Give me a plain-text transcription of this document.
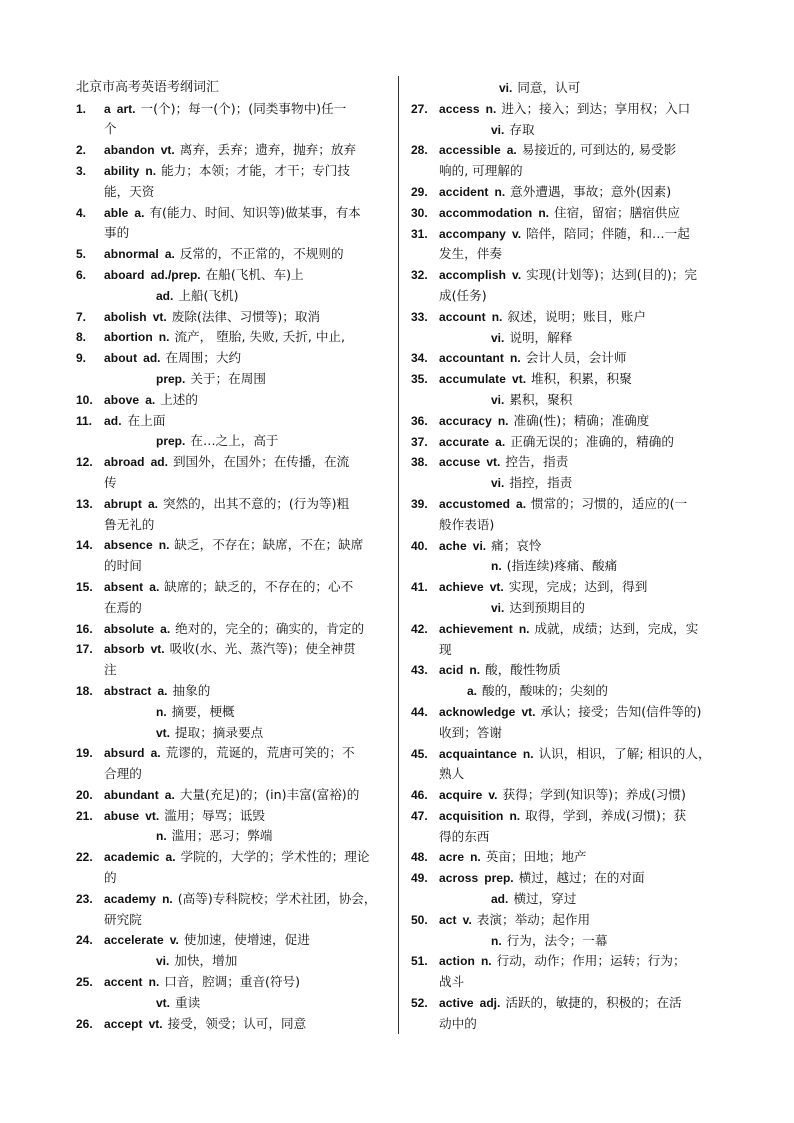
北京市高考英语考纲词汇
1.	a art. 一(个)；每一(个)；(同类事物中)任一
个
2.	abandon vt. 离弃，丢弃；遗弃，抛弃；放弃
3.	ability n. 能力；本领；才能，才干；专门技
能，天资
4.	able a. 有(能力、时间、知识等)做某事，有本
事的
5.	abnormal a. 反常的，不正常的，不规则的
6.	aboard ad./prep. 在船(飞机、车)上
ad. 上船(飞机)
7.	abolish vt. 废除(法律、习惯等)；取消
8.	abortion n. 流产， 堕胎, 失败, 夭折, 中止,
9.	about ad. 在周围；大约
prep. 关于；在周围
10. above a. 上述的
11. ad. 在上面
prep. 在…之上，高于
12. abroad ad. 到国外，在国外；在传播，在流
传
13. abrupt a. 突然的，出其不意的；(行为等)粗
鲁无礼的
14. absence n. 缺乏，不存在；缺席，不在；缺席
的时间
15. absent a. 缺席的；缺乏的，不存在的；心不
在焉的
16. absolute a. 绝对的，完全的；确实的，肯定的
17. absorb vt. 吸收(水、光、蒸汽等)；使全神贯
注
18. abstract a. 抽象的
n. 摘要，梗概
vt. 提取；摘录要点
19. absurd a. 荒谬的，荒诞的，荒唐可笑的；不
合理的
20. abundant a. 大量(充足)的；(in)丰富(富裕)的
21. abuse vt. 滥用；辱骂；诋毁
n. 滥用；恶习；弊端
22. academic a. 学院的，大学的；学术性的；理论
的
23. academy n. (高等)专科院校；学术社团，协会，
研究院
24. accelerate v. 使加速，使增速，促进
vi. 加快，增加
25. accent n. 口音，腔调；重音(符号)
vt. 重读
26. accept vt. 接受，领受；认可，同意
vi. 同意，认可
27. access n. 进入；接入；到达；享用权；入口
vi. 存取
28. accessible a. 易接近的, 可到达的, 易受影
响的, 可理解的
29. accident n. 意外遭遇，事故；意外(因素)
30. accommodation n. 住宿，留宿；膳宿供应
31. accompany v. 陪伴，陪同；伴随，和…一起
发生，伴奏
32. accomplish v. 实现(计划等)；达到(目的)；完
成(任务)
33. account n. 叙述，说明；账目，账户
vi. 说明，解释
34. accountant n. 会计人员，会计师
35. accumulate vt. 堆积，积累，积聚
vi. 累积，聚积
36. accuracy n. 准确(性)；精确；准确度
37. accurate a. 正确无误的；准确的，精确的
38. accuse vt. 控告，指责
vi. 指控，指责
39. accustomed a. 惯常的；习惯的，适应的(一
般作表语)
40. ache vi. 痛；哀怜
n. (指连续)疼痛、酸痛
41. achieve vt. 实现，完成；达到，得到
vi. 达到预期目的
42. achievement n. 成就，成绩；达到，完成，实
现
43. acid n. 酸，酸性物质
a. 酸的，酸味的；尖刻的
44. acknowledge vt. 承认；接受；告知(信件等的)
收到；答谢
45. acquaintance n. 认识，相识，了解; 相识的人，
熟人
46. acquire v. 获得；学到(知识等)；养成(习惯)
47. acquisition n. 取得，学到，养成(习惯)；获
得的东西
48. acre n. 英亩；田地；地产
49. across prep. 横过，越过；在的对面
ad. 横过，穿过
50. act v. 表演；举动；起作用
n. 行为，法令；一幕
51. action n. 行动，动作；作用；运转；行为；
战斗
52. active adj. 活跃的，敏捷的，积极的；在活
动中的
